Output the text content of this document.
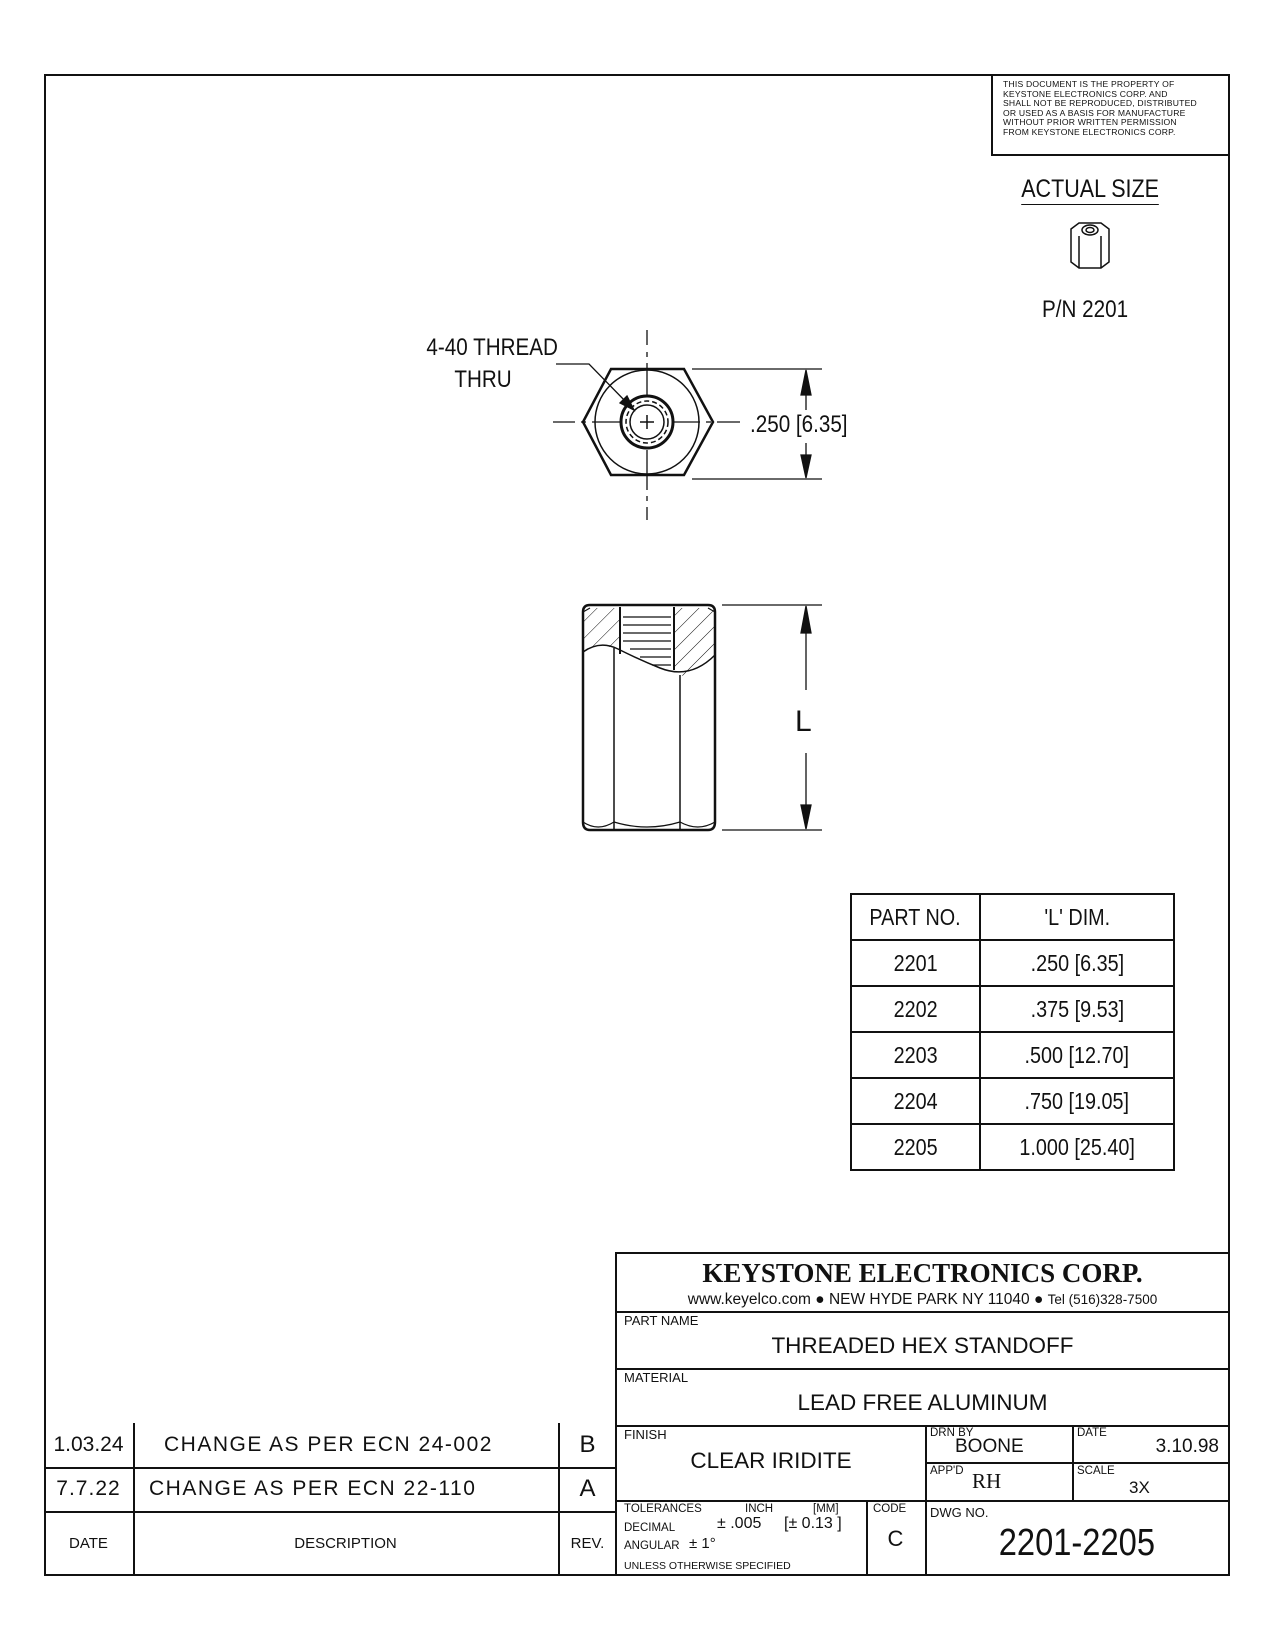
THIS DOCUMENT IS THE PROPERTY OF
KEYSTONE ELECTRONICS CORP. AND
SHALL NOT BE REPRODUCED, DISTRIBUTED
OR USED AS A BASIS FOR MANUFACTURE
WITHOUT PRIOR WRITTEN PERMISSION
FROM KEYSTONE ELECTRONICS CORP.
ACTUAL SIZE
P/N 2201
4-40 THREAD
THRU
.250 [6.35]
L
PART NO.	'L' DIM.
2201	.250 [6.35]
2202	.375 [9.53]
2203	.500 [12.70]
2204	.750 [19.05]
2205	1.000 [25.40]
KEYSTONE ELECTRONICS CORP.
www.keyelco.com ● NEW HYDE PARK NY 11040 ● Tel (516)328-7500
PART NAME
THREADED HEX STANDOFF
MATERIAL
LEAD FREE ALUMINUM
FINISH
CLEAR IRIDITE
DRN BY
BOONE
DATE
3.10.98
APP'D RH	SCALE
3X
TOLERANCES	INCH	[MM]	CODE
DECIMAL	± .005 [± 0.13 ]
ANGULAR ± 1°
UNLESS OTHERWISE SPECIFIED
C
DWG NO.
2201-2205
1.03.24	CHANGE AS PER ECN 24-002	B
7.7.22	CHANGE AS PER ECN 22-110	A
DATE	DESCRIPTION	REV.
